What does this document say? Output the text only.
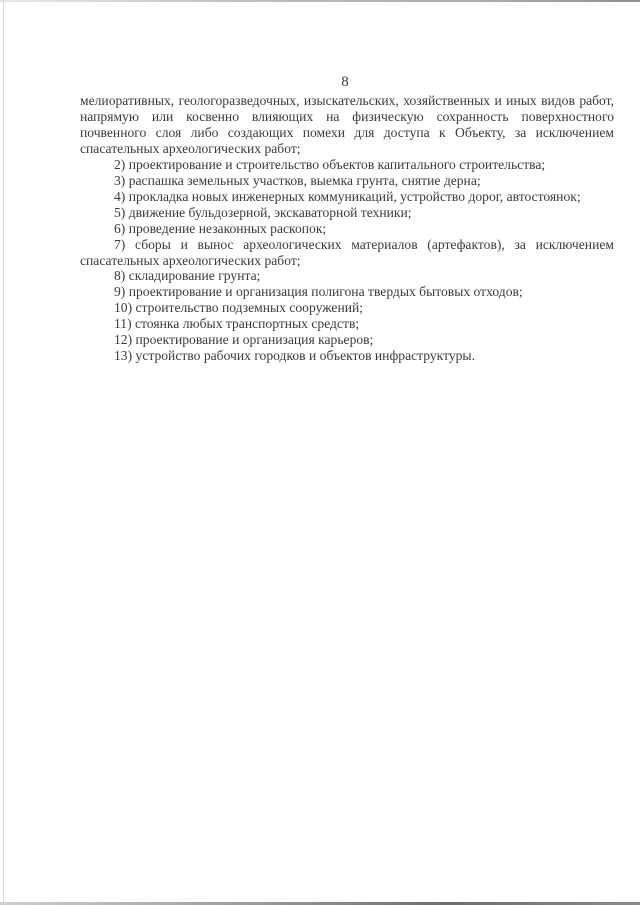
8

мелиоративных, геологоразведочных, изыскательских, хозяйственных и иных видов работ, напрямую или косвенно влияющих на физическую сохранность поверхностного почвенного слоя либо создающих помехи для доступа к Объекту, за исключением спасательных археологических работ;

2) проектирование и строительство объектов капитального строительства;

3) распашка земельных участков, выемка грунта, снятие дерна;

4) прокладка новых инженерных коммуникаций, устройство дорог, автостоянок;

5) движение бульдозерной, экскаваторной техники;

6) проведение незаконных раскопок;

7) сборы и вынос археологических материалов (артефактов), за исключением спасательных археологических работ;

8) складирование грунта;

9) проектирование и организация полигона твердых бытовых отходов;

10) строительство подземных сооружений;

11) стоянка любых транспортных средств;

12) проектирование и организация карьеров;

13) устройство рабочих городков и объектов инфраструктуры.
